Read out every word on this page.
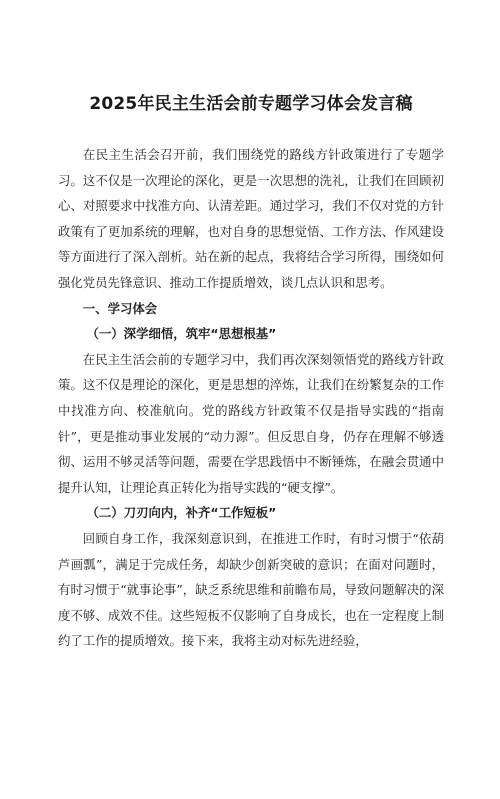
2025年民主生活会前专题学习体会发言稿

在民主生活会召开前，我们围绕党的路线方针政策进行了专题学习。这不仅是一次理论的深化，更是一次思想的洗礼，让我们在回顾初心、对照要求中找准方向、认清差距。通过学习，我们不仅对党的方针政策有了更加系统的理解，也对自身的思想觉悟、工作方法、作风建设等方面进行了深入剖析。站在新的起点，我将结合学习所得，围绕如何强化党员先锋意识、推动工作提质增效，谈几点认识和思考。

一、学习体会

（一）深学细悟，筑牢“思想根基”

在民主生活会前的专题学习中，我们再次深刻领悟党的路线方针政策。这不仅是理论的深化，更是思想的淬炼，让我们在纷繁复杂的工作中找准方向、校准航向。党的路线方针政策不仅是指导实践的“指南针”，更是推动事业发展的“动力源”。但反思自身，仍存在理解不够透彻、运用不够灵活等问题，需要在学思践悟中不断锤炼，在融会贯通中提升认知，让理论真正转化为指导实践的“硬支撑”。

（二）刀刃向内，补齐“工作短板”

回顾自身工作，我深刻意识到，在推进工作时，有时习惯于“依葫芦画瓢”，满足于完成任务，却缺少创新突破的意识；在面对问题时，有时习惯于“就事论事”，缺乏系统思维和前瞻布局，导致问题解决的深度不够、成效不佳。这些短板不仅影响了自身成长，也在一定程度上制约了工作的提质增效。接下来，我将主动对标先进经验，
